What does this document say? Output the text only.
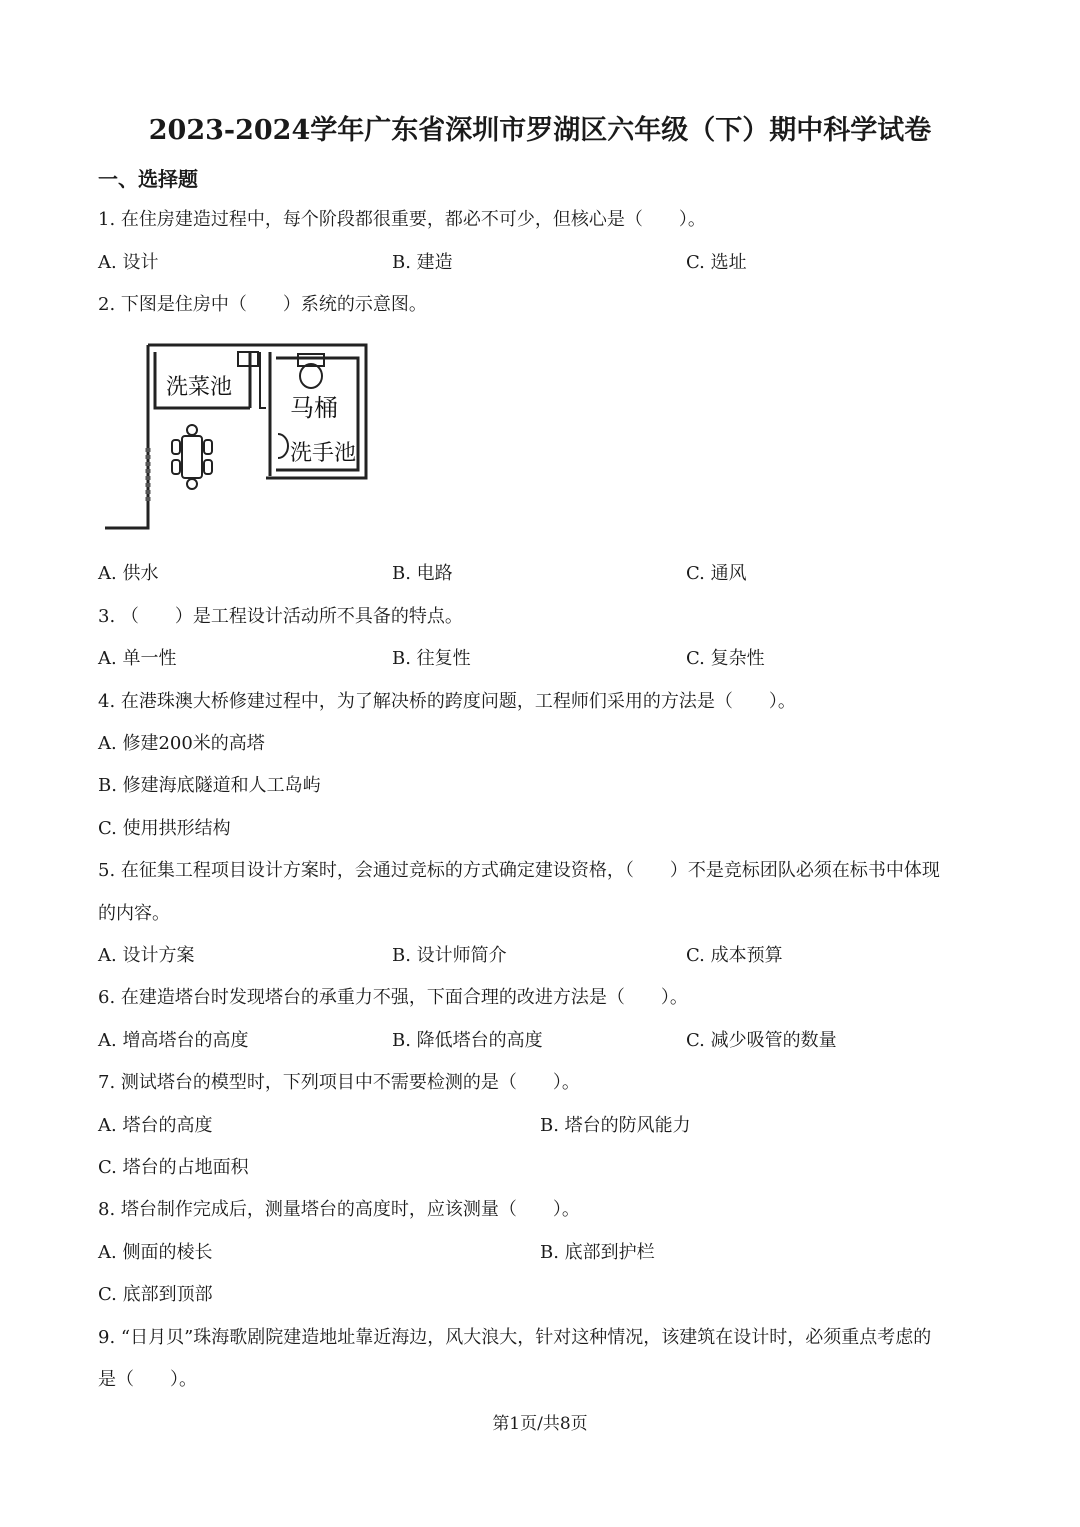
2023-2024学年广东省深圳市罗湖区六年级（下）期中科学试卷
一、选择题
1. 在住房建造过程中，每个阶段都很重要，都必不可少，但核心是（　　）。
A. 设计	B. 建造	C. 选址
2. 下图是住房中（　　）系统的示意图。
洗菜池
马桶
洗手池
A. 供水	B. 电路	C. 通风
3. （　　）是工程设计活动所不具备的特点。
A. 单一性	B. 往复性	C. 复杂性
4. 在港珠澳大桥修建过程中，为了解决桥的跨度问题，工程师们采用的方法是（　　）。
A. 修建200米的高塔
B. 修建海底隧道和人工岛屿
C. 使用拱形结构
5. 在征集工程项目设计方案时，会通过竞标的方式确定建设资格，（　　）不是竞标团队必须在标书中体现
的内容。
A. 设计方案	B. 设计师简介	C. 成本预算
6. 在建造塔台时发现塔台的承重力不强，下面合理的改进方法是（　　）。
A. 增高塔台的高度	B. 降低塔台的高度	C. 减少吸管的数量
7. 测试塔台的模型时，下列项目中不需要检测的是（　　）。
A. 塔台的高度	B. 塔台的防风能力
C. 塔台的占地面积
8. 塔台制作完成后，测量塔台的高度时，应该测量（　　）。
A. 侧面的棱长	B. 底部到护栏
C. 底部到顶部
9. “日月贝”珠海歌剧院建造地址靠近海边，风大浪大，针对这种情况，该建筑在设计时，必须重点考虑的
是（　　）。
第1页/共8页
